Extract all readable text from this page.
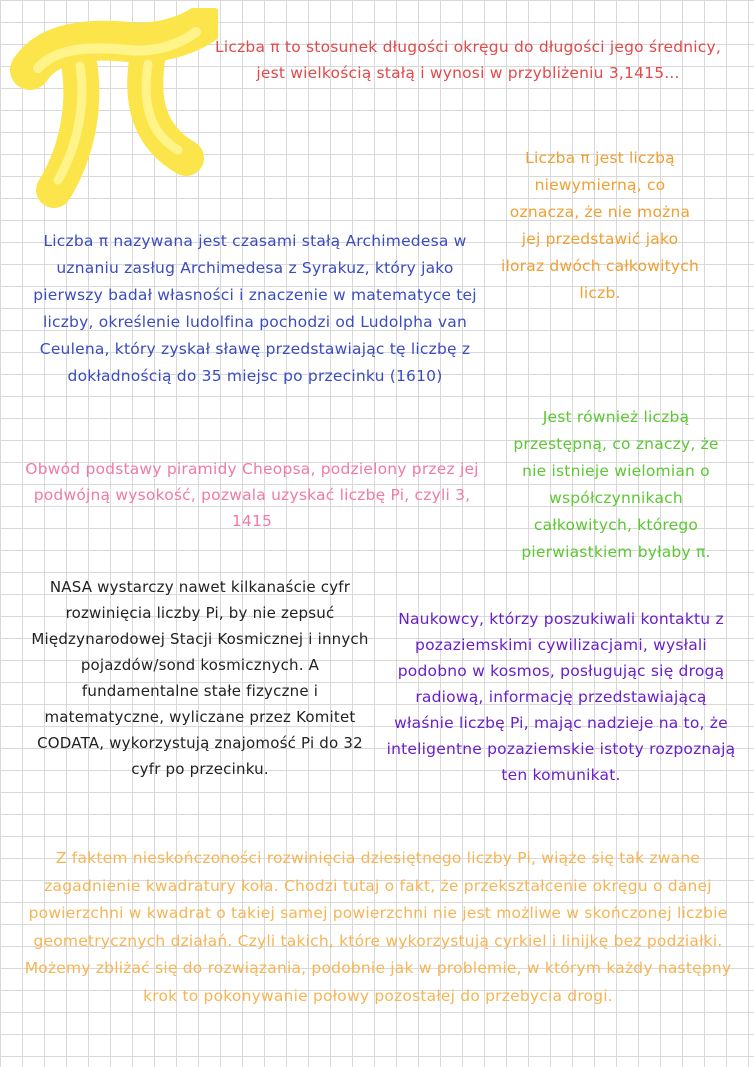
Liczba π to stosunek długości okręgu do długości jego średnicy, jest wielkością stałą i wynosi w przybliżeniu 3,1415...

Liczba π jest liczbą niewymierną, co oznacza, że nie można jej przedstawić jako iloraz dwóch całkowitych liczb.

Liczba π nazywana jest czasami stałą Archimedesa w uznaniu zasług Archimedesa z Syrakuz, który jako pierwszy badał własności i znaczenie w matematyce tej liczby, określenie ludolfina pochodzi od Ludolpha van Ceulena, który zyskał sławę przedstawiając tę liczbę z dokładnością do 35 miejsc po przecinku (1610)

Jest również liczbą przestępną, co znaczy, że nie istnieje wielomian o współczynnikach całkowitych, którego pierwiastkiem byłaby π.

Obwód podstawy piramidy Cheopsa, podzielony przez jej podwójną wysokość, pozwala uzyskać liczbę Pi, czyli 3, 1415

NASA wystarczy nawet kilkanaście cyfr rozwinięcia liczby Pi, by nie zepsuć Międzynarodowej Stacji Kosmicznej i innych pojazdów/sond kosmicznych. A fundamentalne stałe fizyczne i matematyczne, wyliczane przez Komitet CODATA, wykorzystują znajomość Pi do 32 cyfr po przecinku.

Naukowcy, którzy poszukiwali kontaktu z pozaziemskimi cywilizacjami, wysłali podobno w kosmos, posługując się drogą radiową, informację przedstawiającą właśnie liczbę Pi, mając nadzieje na to, że inteligentne pozaziemskie istoty rozpoznają ten komunikat.

Z faktem nieskończoności rozwinięcia dziesiętnego liczby Pi, wiąże się tak zwane zagadnienie kwadratury koła. Chodzi tutaj o fakt, że przekształcenie okręgu o danej powierzchni w kwadrat o takiej samej powierzchni nie jest możliwe w skończonej liczbie geometrycznych działań. Czyli takich, które wykorzystują cyrkiel i linijkę bez podziałki. Możemy zbliżać się do rozwiązania, podobnie jak w problemie, w którym każdy następny krok to pokonywanie połowy pozostałej do przebycia drogi.
